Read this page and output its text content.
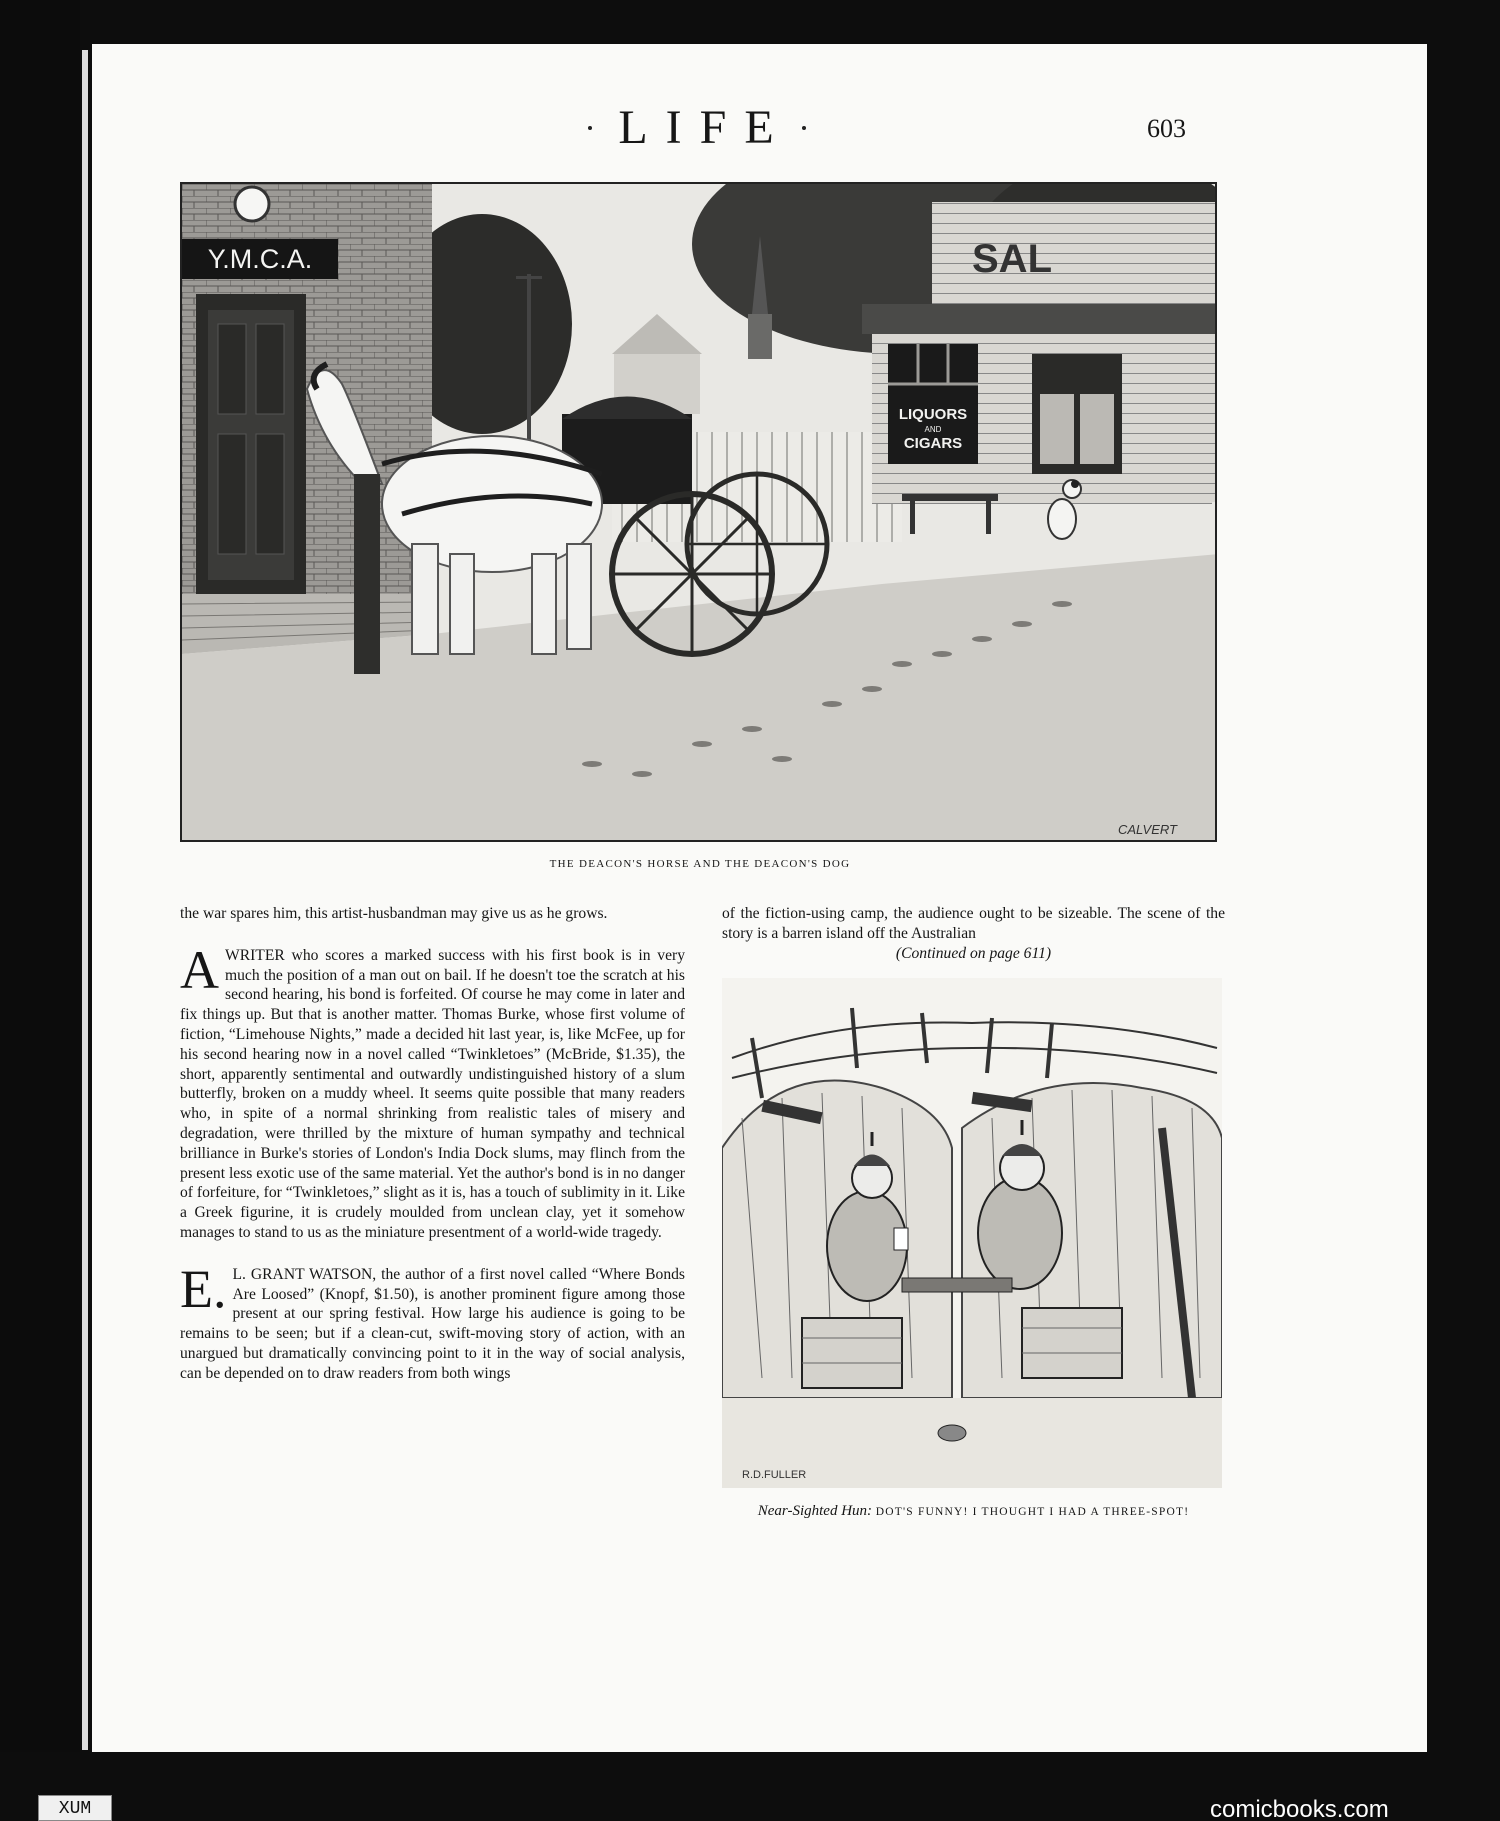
LIFE	603
Y.M.C.A.	SAL
LIQUORS
AND
CIGARS
CALVERT
THE DEACON'S HORSE AND THE DEACON'S DOG

the war spares him, this artist-husbandman may give us as he grows.

AWRITER who scores a marked success with his first book is in very much the position of a man out on bail. If he doesn't toe the scratch at his second hearing, his bond is forfeited. Of course he may come in later and fix things up. But that is another matter. Thomas Burke, whose first volume of fiction, “Limehouse Nights,” made a decided hit last year, is, like McFee, up for his second hearing now in a novel called “Twinkletoes” (McBride, $1.35), the short, apparently sentimental and outwardly undistinguished history of a slum butterfly, broken on a muddy wheel. It seems quite possible that many readers who, in spite of a normal shrinking from realistic tales of misery and degradation, were thrilled by the mixture of human sympathy and technical brilliance in Burke's stories of London's India Dock slums, may flinch from the present less exotic use of the same material. Yet the author's bond is in no danger of forfeiture, for “Twinkletoes,” slight as it is, has a touch of sublimity in it. Like a Greek figurine, it is crudely moulded from unclean clay, yet it somehow manages to stand to us as the miniature presentment of a world-wide tragedy.

E. L. GRANT WATSON, the author of a first novel called “Where Bonds Are Loosed” (Knopf, $1.50), is another prominent figure among those present at our spring festival. How large his audience is going to be remains to be seen; but if a clean-cut, swift-moving story of action, with an unargued but dramatically convincing point to it in the way of social analysis, can be depended on to draw readers from both wings

of the fiction-using camp, the audience ought to be sizeable. The scene of the story is a barren island off the Australian

(Continued on page 611)

R.D.FULLER
Near-Sighted Hun: DOT'S FUNNY! I THOUGHT I HAD A THREE-SPOT!
XUM	comicbooks.com
